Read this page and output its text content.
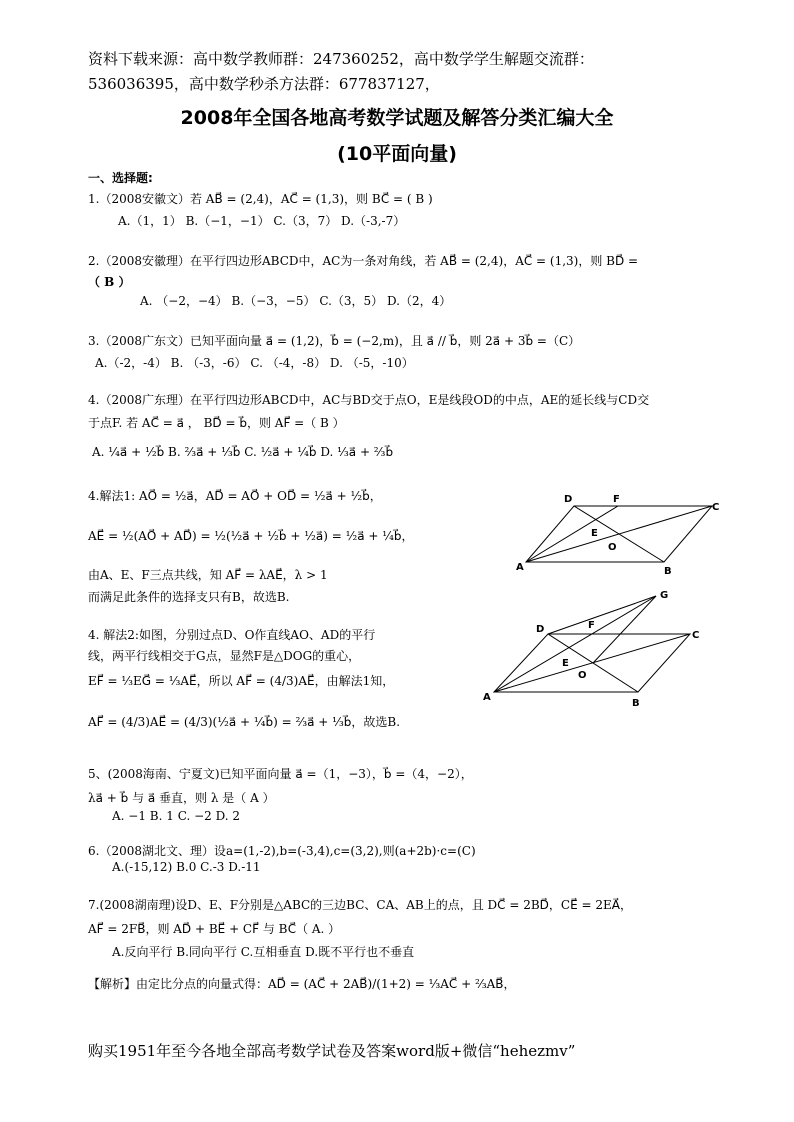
资料下载来源：高中数学教师群：247360252，高中数学学生解题交流群：
536036395，高中数学秒杀方法群：677837127，
2008年全国各地高考数学试题及解答分类汇编大全
(10平面向量)
一、选择题:
1.（2008安徽文）若 AB⃗ = (2,4)，AC⃗ = (1,3)，则 BC⃗ = ( B )
A.（1，1） B.（−1，−1） C.（3，7） D.（-3,-7）
2.（2008安徽理）在平行四边形ABCD中，AC为一条对角线，若 AB⃗ = (2,4)，AC⃗ = (1,3)，则 BD⃗ =
（ B ）
A. （−2，−4） B.（−3，−5） C.（3，5） D.（2，4）
3.（2008广东文）已知平面向量 a⃗ = (1,2)，b⃗ = (−2,m)，且 a⃗ // b⃗，则 2a⃗ + 3b⃗ =（C）
A.（-2，-4） B. （-3，-6） C. （-4，-8） D. （-5，-10）
4.（2008广东理）在平行四边形ABCD中，AC与BD交于点O，E是线段OD的中点，AE的延长线与CD交
于点F. 若 AC⃗ = a⃗ ， BD⃗ = b⃗，则 AF⃗ =（ B ）
A. ¼a⃗ + ½b⃗ B. ⅔a⃗ + ⅓b⃗ C. ½a⃗ + ¼b⃗ D. ⅓a⃗ + ⅔b⃗
4.解法1: AO⃗ = ½a⃗，AD⃗ = AO⃗ + OD⃗ = ½a⃗ + ½b⃗，
AE⃗ = ½(AO⃗ + AD⃗) = ½(½a⃗ + ½b⃗ + ½a⃗) = ½a⃗ + ¼b⃗，
由A、E、F三点共线，知 AF⃗ = λAE⃗，λ > 1
而满足此条件的选择支只有B，故选B.
4. 解法2:如图，分别过点D、O作直线AO、AD的平行
线，两平行线相交于G点，显然F是△DOG的重心，
EF⃗ = ⅓EG⃗ = ⅓AE⃗，所以 AF⃗ = (4/3)AE⃗，由解法1知，
AF⃗ = (4/3)AE⃗ = (4/3)(½a⃗ + ¼b⃗) = ⅔a⃗ + ⅓b⃗，故选B.
D	F
C
E
O
A	B
G
D	F
C
E
O
A
B
5、(2008海南、宁夏文)已知平面向量 a⃗ =（1，−3），b⃗ =（4，−2），
λa⃗ + b⃗ 与 a⃗ 垂直，则 λ 是（ A ）
A. −1 B. 1 C. −2 D. 2
6.（2008湖北文、理）设a=(1,-2),b=(-3,4),c=(3,2),则(a+2b)·c=(C)
A.(-15,12) B.0 C.-3 D.-11
7.(2008湖南理)设D、E、F分别是△ABC的三边BC、CA、AB上的点，且 DC⃗ = 2BD⃗，CE⃗ = 2EA⃗，
AF⃗ = 2FB⃗，则 AD⃗ + BE⃗ + CF⃗ 与 BC⃗（ A. ）
A.反向平行 B.同向平行 C.互相垂直 D.既不平行也不垂直
【解析】由定比分点的向量式得：AD⃗ = (AC⃗ + 2AB⃗)/(1+2) = ⅓AC⃗ + ⅔AB⃗，
购买1951年至今各地全部高考数学试卷及答案word版+微信“hehezmv”
